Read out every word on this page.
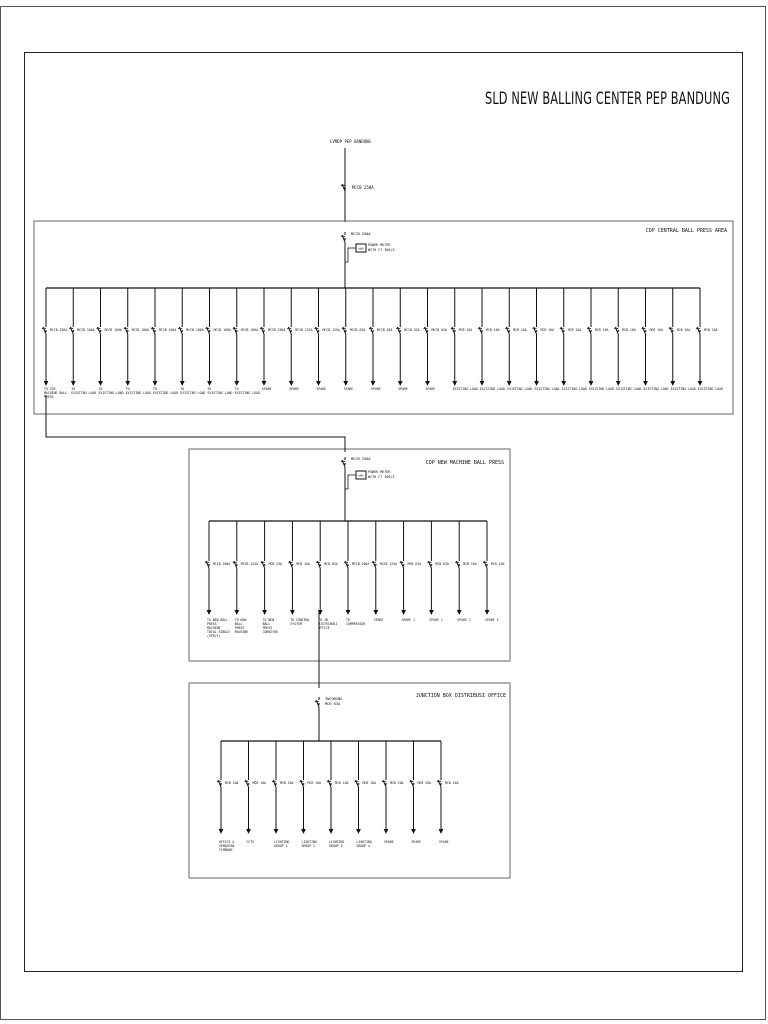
SLD NEW BALLING CENTER PEP BANDUNG
LVMDP PEP BANDUNG
MCCB 250A
CDP CENTRAL BALL PRESS AREA
CDP NEW MACHINE BALL PRESS
JUNCTION BOX DISTRIBUSI OFFICE
MCCB 250A
kWh
POWER METER
WITH CT 300/5
MCCB 250A
TO CDP
MACHINE BALL
PRESS
MCCB 160A
TO
EXISTING LOAD
MCCB 160A
TO
EXISTING LOAD
MCCB 160A
TO
EXISTING LOAD
MCCB 160A
TO
EXISTING LOAD
MCCB 160A
TO
EXISTING LOAD
MCCB 160A
TO
EXISTING LOAD
MCCB 160A
TO
EXISTING LOAD
MCCB 250A
SPARE
MCCB 125A
SPARE
MCCB 125A
SPARE
MCCB 63A
SPARE
MCCB 63A
SPARE
MCCB 63A
SPARE
MCCB 63A
SPARE
MCB 16A
EXISTING LOAD
MCB 16A
EXISTING LOAD
MCB 16A
EXISTING LOAD
MCB 16A
EXISTING LOAD
MCB 16A
EXISTING LOAD
MCB 16A
EXISTING LOAD
MCB 16A
EXISTING LOAD
MCB 16A
EXISTING LOAD
MCB 16A
EXISTING LOAD
MCB 16A
EXISTING LOAD
MCCB 250A
kWh
POWER METER
WITH CT 300/5
MCCB 200A
TO NEW BALL
PRESS
MACHINE
TOTAL SINGLE
(GPR/Y)
MCCB 125A
TO NEW
BALL
PRESS
MACHINE
MCB 25A
TO NEW
BALL
PRESS
CONVEYOR
MCB 16A
TO CONTROL
SYSTEM
MCB 63A
TO JB
DISTRIBUSI
OFFICE
MCCB 200A
TO
COMPRESSOR
MCCB 125A
SPARE
MCB 63A
SPARE 1
MCB 63A
SPARE 1
MCB 16A
SPARE 2
MCB 16A
SPARE 3
INCOMING
MCB 63A
MCB 20A
OFFICE &
SEMAHTAN
TIMBANG
MCB 10A
CCTV
MCB 10A
LIGHTING
GROUP 1
MCB 10A
LIGHTING
GROUP 2
MCB 10A
LIGHTING
GROUP 3
MCB 10A
LIGHTING
GROUP 4
MCB 20A
SPARE
MCB 20A
SPARE
MCB 16A
SPARE
